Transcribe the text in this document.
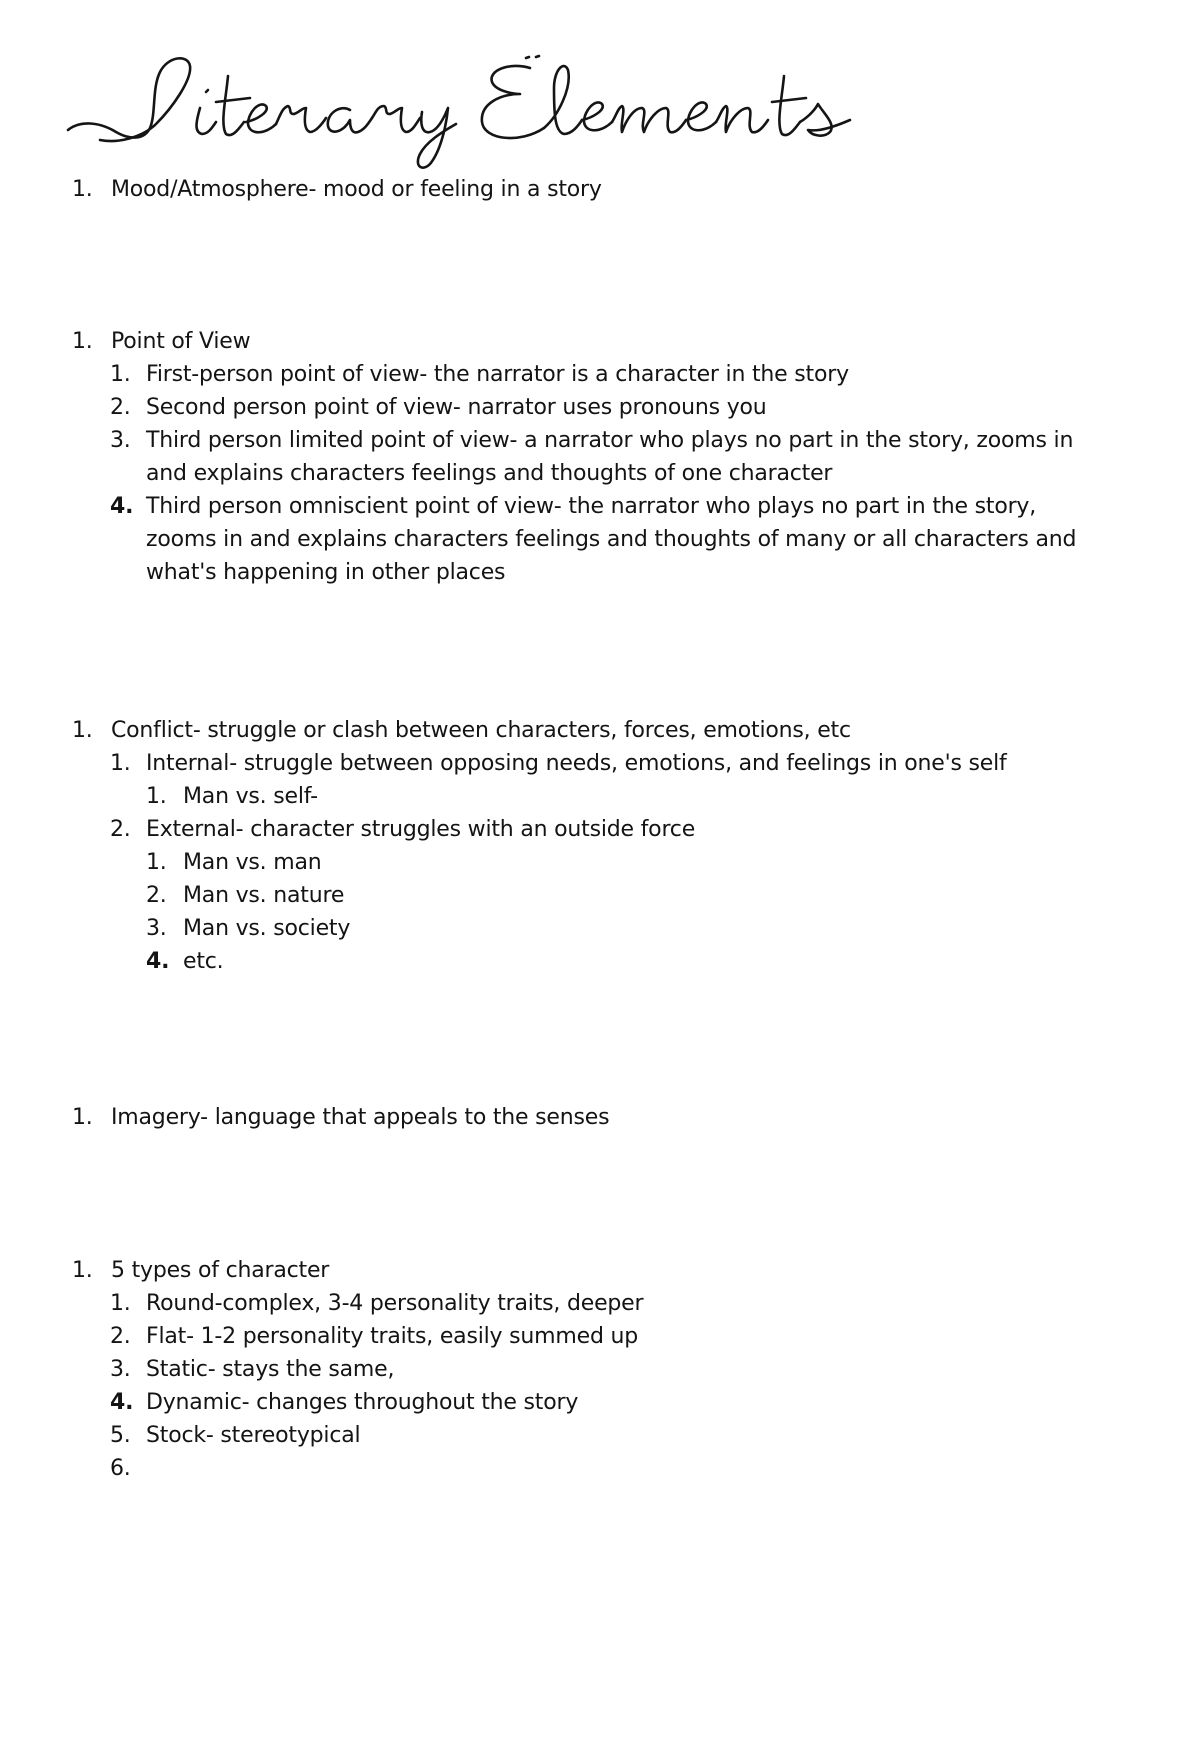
1. Mood/Atmosphere- mood or feeling in a story
1. Point of View
1. First-person point of view- the narrator is a character in the story
2. Second person point of view- narrator uses pronouns you
3. Third person limited point of view- a narrator who plays no part in the story, zooms in
and explains characters feelings and thoughts of one character
4. Third person omniscient point of view- the narrator who plays no part in the story,
zooms in and explains characters feelings and thoughts of many or all characters and
what's happening in other places
1. Conflict- struggle or clash between characters, forces, emotions, etc
1. Internal- struggle between opposing needs, emotions, and feelings in one's self
1. Man vs. self-
2. External- character struggles with an outside force
1. Man vs. man
2. Man vs. nature
3. Man vs. society
4. etc.
1. Imagery- language that appeals to the senses
1. 5 types of character
1. Round-complex, 3-4 personality traits, deeper
2. Flat- 1-2 personality traits, easily summed up
3. Static- stays the same,
4. Dynamic- changes throughout the story
5. Stock- stereotypical
6.
